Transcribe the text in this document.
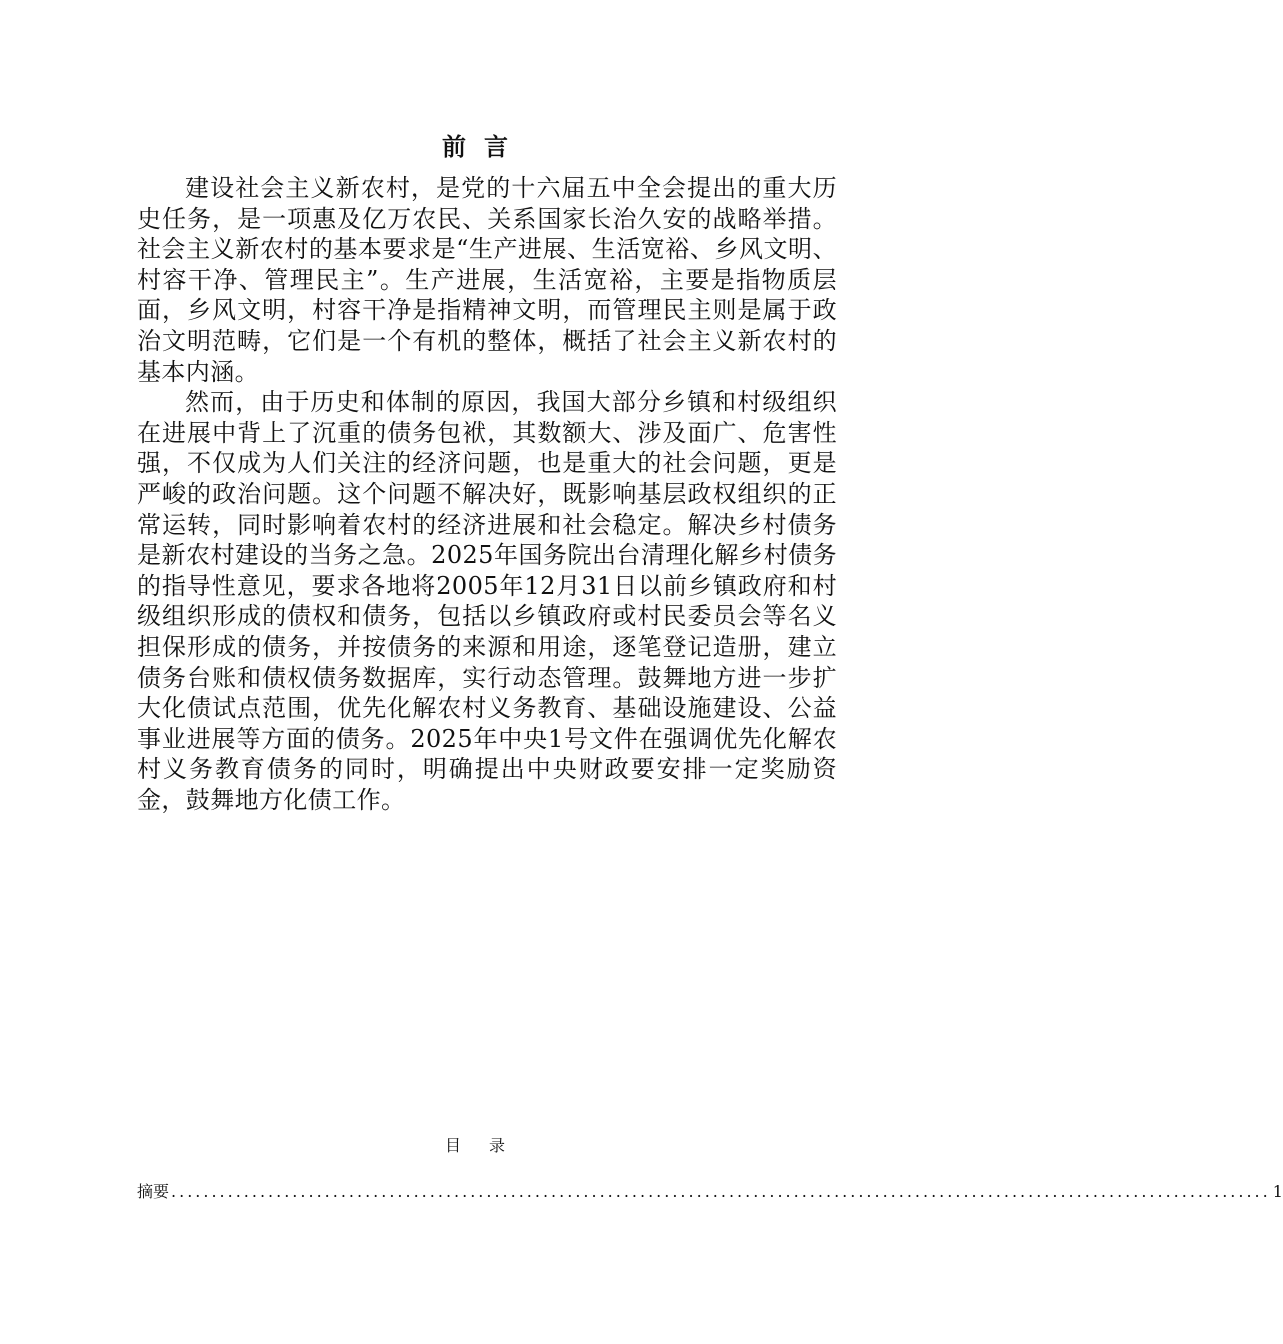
前言

建设社会主义新农村，是党的十六届五中全会提出的重大历史任务，是一项惠及亿万农民、关系国家长治久安的战略举措。社会主义新农村的基本要求是“生产进展、生活宽裕、乡风文明、村容干净、管理民主”。生产进展，生活宽裕，主要是指物质层面，乡风文明，村容干净是指精神文明，而管理民主则是属于政治文明范畴，它们是一个有机的整体，概括了社会主义新农村的基本内涵。

然而，由于历史和体制的原因，我国大部分乡镇和村级组织在进展中背上了沉重的债务包袱，其数额大、涉及面广、危害性强，不仅成为人们关注的经济问题，也是重大的社会问题，更是严峻的政治问题。这个问题不解决好，既影响基层政权组织的正常运转，同时影响着农村的经济进展和社会稳定。解决乡村债务是新农村建设的当务之急。2025年国务院出台清理化解乡村债务的指导性意见，要求各地将2005年12月31日以前乡镇政府和村级组织形成的债权和债务，包括以乡镇政府或村民委员会等名义担保形成的债务，并按债务的来源和用途，逐笔登记造册，建立债务台账和债权债务数据库，实行动态管理。鼓舞地方进一步扩大化债试点范围，优先化解农村义务教育、基础设施建设、公益事业进展等方面的债务。2025年中央1号文件在强调优先化解农村义务教育债务的同时，明确提出中央财政要安排一定奖励资金，鼓舞地方化债工作。

目录
摘要 ........................................................................................................................................ 1
